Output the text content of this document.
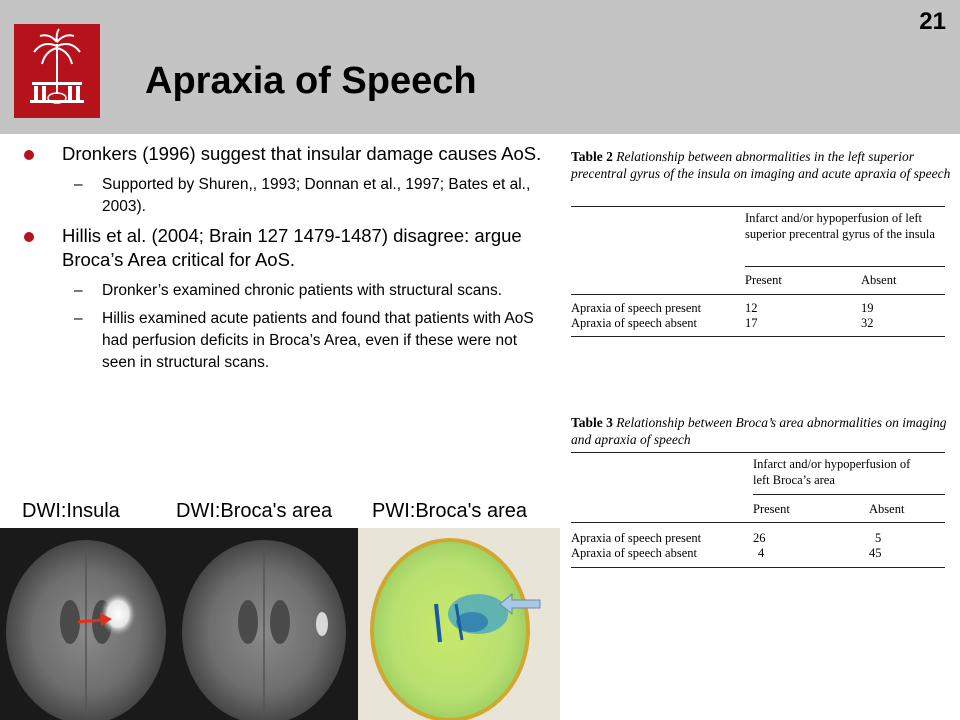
Apraxia of Speech
21
Dronkers (1996) suggest that insular damage causes AoS.
– Supported by Shuren,, 1993; Donnan et al., 1997; Bates et al., 2003).
Hillis et al. (2004; Brain 127 1479-1487) disagree: argue Broca’s Area critical for AoS.
– Dronker’s examined chronic patients with structural scans.
– Hillis examined acute patients and found that patients with AoS had perfusion deficits in Broca’s Area, even if these were not seen in structural scans.
Table 2 Relationship between abnormalities in the left superior precentral gyrus of the insula on imaging and acute apraxia of speech
Infarct and/or hypoperfusion of left superior precentral gyrus of the insula
Present	Absent
Apraxia of speech present	12	19
Apraxia of speech absent	17	32
Table 3 Relationship between Broca’s area abnormalities on imaging and apraxia of speech
Infarct and/or hypoperfusion of left Broca’s area
Present	Absent
Apraxia of speech present	26	5
Apraxia of speech absent	4	45
DWI:Insula	DWI:Broca's area PWI:Broca's area
